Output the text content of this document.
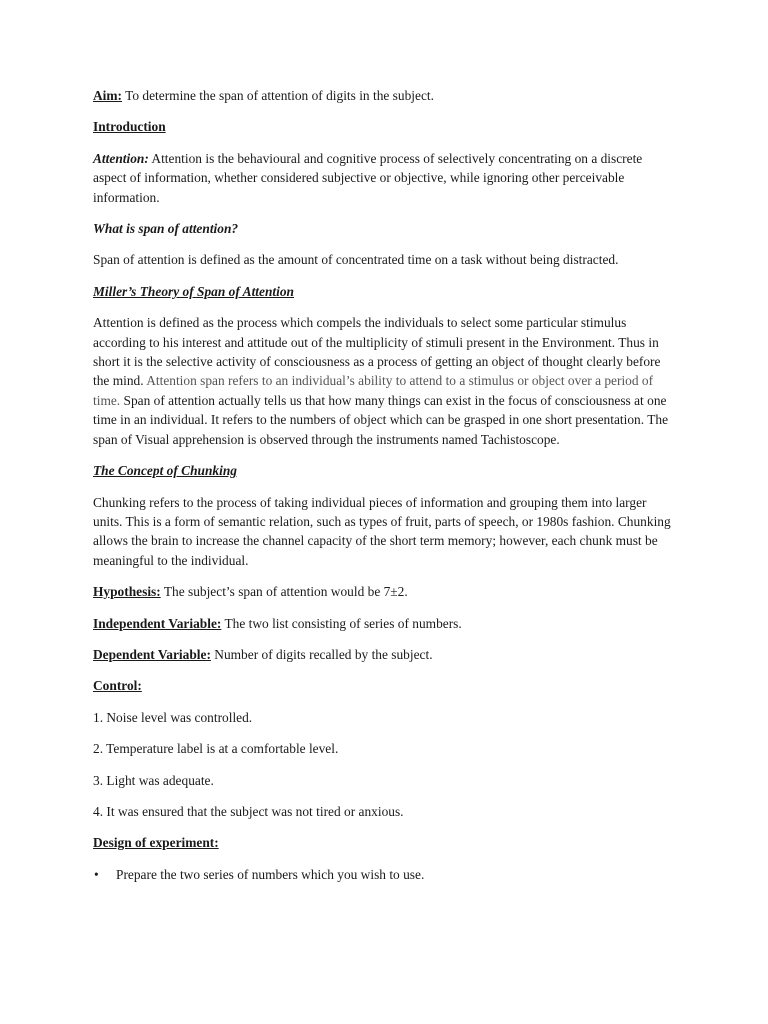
Aim: To determine the span of attention of digits in the subject.

Introduction

Attention: Attention is the behavioural and cognitive process of selectively concentrating on a discrete aspect of information, whether considered subjective or objective, while ignoring other perceivable information.

What is span of attention?

Span of attention is defined as the amount of concentrated time on a task without being distracted.

Miller’s Theory of Span of Attention

Attention is defined as the process which compels the individuals to select some particular stimulus according to his interest and attitude out of the multiplicity of stimuli present in the Environment. Thus in short it is the selective activity of consciousness as a process of getting an object of thought clearly before the mind. Attention span refers to an individual’s ability to attend to a stimulus or object over a period of time. Span of attention actually tells us that how many things can exist in the focus of consciousness at one time in an individual. It refers to the numbers of object which can be grasped in one short presentation. The span of Visual apprehension is observed through the instruments named Tachistoscope.

The Concept of Chunking

Chunking refers to the process of taking individual pieces of information and grouping them into larger units. This is a form of semantic relation, such as types of fruit, parts of speech, or 1980s fashion. Chunking allows the brain to increase the channel capacity of the short term memory; however, each chunk must be meaningful to the individual.

Hypothesis: The subject’s span of attention would be 7±2.

Independent Variable: The two list consisting of series of numbers.

Dependent Variable: Number of digits recalled by the subject.

Control:

1. Noise level was controlled.

2. Temperature label is at a comfortable level.

3. Light was adequate.

4. It was ensured that the subject was not tired or anxious.

Design of experiment:

• Prepare the two series of numbers which you wish to use.
